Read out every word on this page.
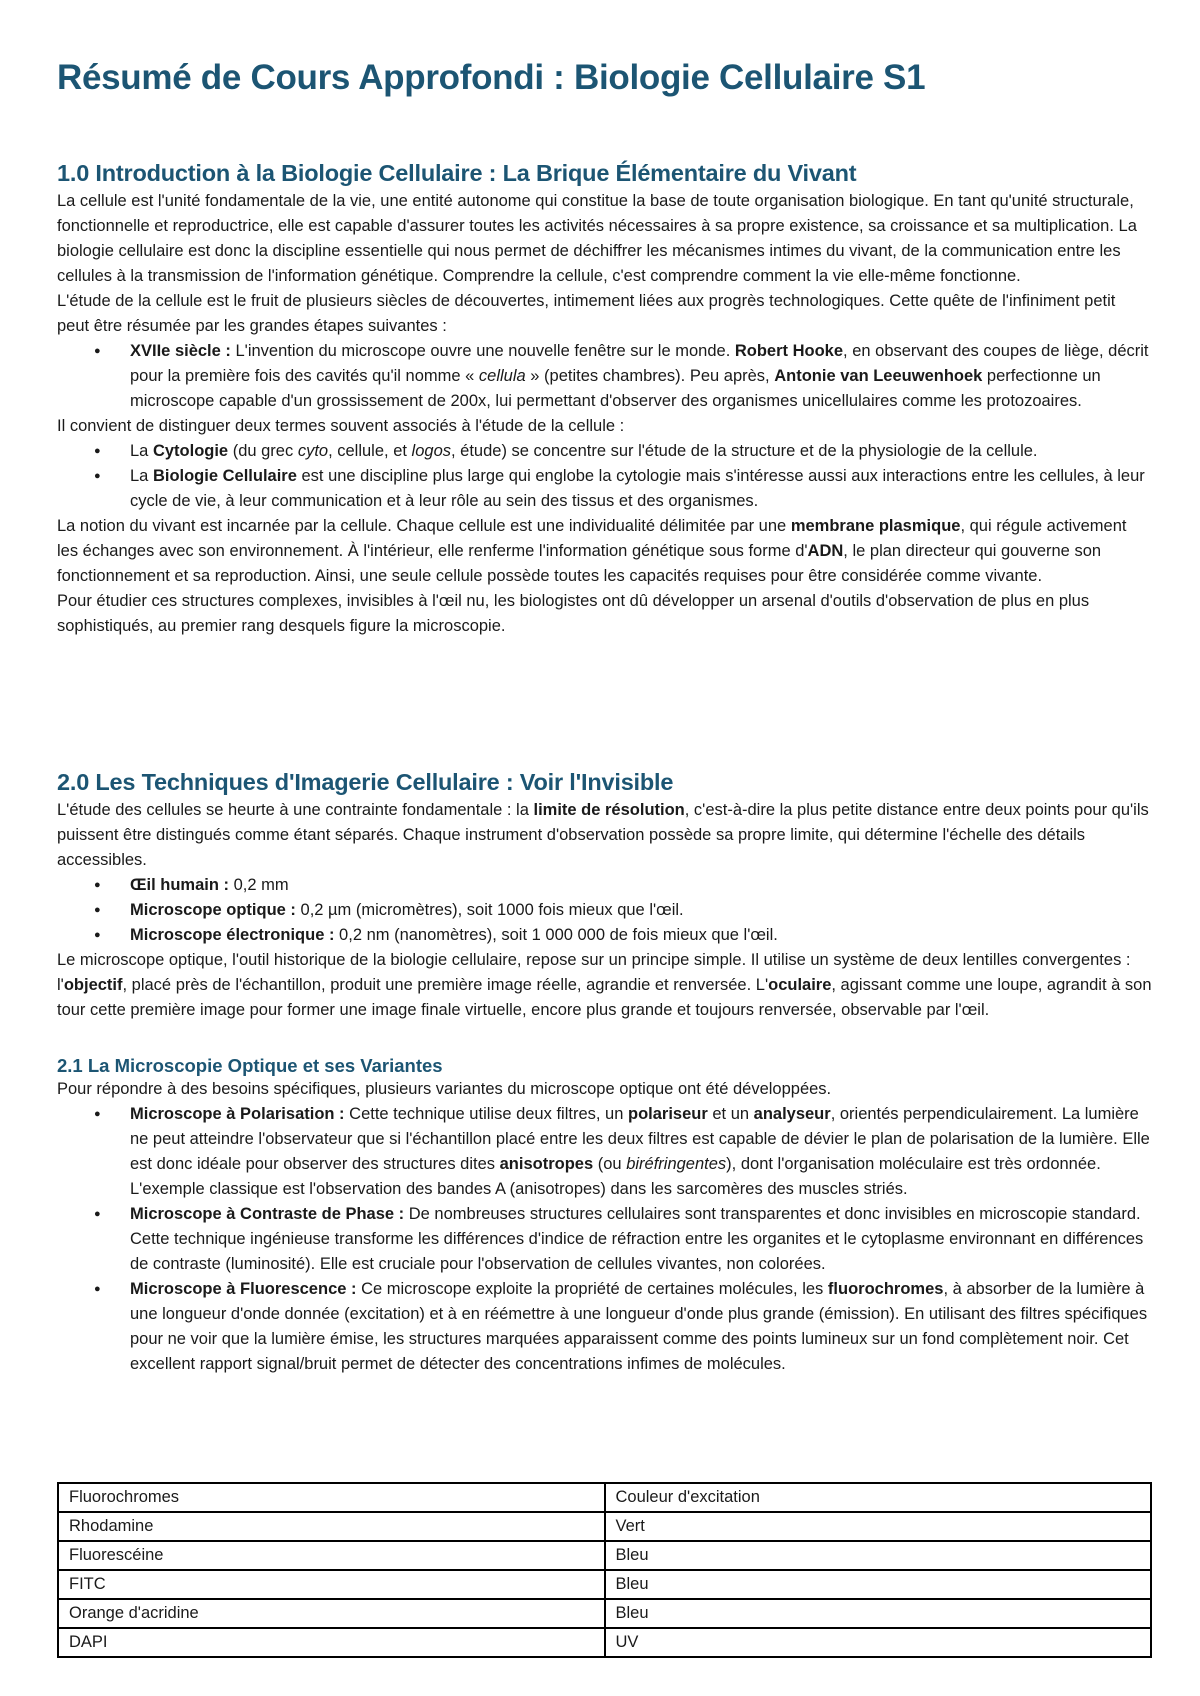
Résumé de Cours Approfondi : Biologie Cellulaire S1
1.0 Introduction à la Biologie Cellulaire : La Brique Élémentaire du Vivant

La cellule est l'unité fondamentale de la vie, une entité autonome qui constitue la base de toute organisation biologique. En tant qu'unité structurale, fonctionnelle et reproductrice, elle est capable d'assurer toutes les activités nécessaires à sa propre existence, sa croissance et sa multiplication. La biologie cellulaire est donc la discipline essentielle qui nous permet de déchiffrer les mécanismes intimes du vivant, de la communication entre les cellules à la transmission de l'information génétique. Comprendre la cellule, c'est comprendre comment la vie elle-même fonctionne.

L'étude de la cellule est le fruit de plusieurs siècles de découvertes, intimement liées aux progrès technologiques. Cette quête de l'infiniment petit peut être résumée par les grandes étapes suivantes :

● XVIIe siècle : L'invention du microscope ouvre une nouvelle fenêtre sur le monde. Robert Hooke, en observant des coupes de liège, décrit pour la première fois des cavités qu'il nomme « cellula » (petites chambres). Peu après, Antonie van Leeuwenhoek perfectionne un microscope capable d'un grossissement de 200x, lui permettant d'observer des organismes unicellulaires comme les protozoaires.

Il convient de distinguer deux termes souvent associés à l'étude de la cellule :

● La Cytologie (du grec cyto, cellule, et logos, étude) se concentre sur l'étude de la structure et de la physiologie de la cellule.
● La Biologie Cellulaire est une discipline plus large qui englobe la cytologie mais s'intéresse aussi aux interactions entre les cellules, à leur cycle de vie, à leur communication et à leur rôle au sein des tissus et des organismes.

La notion du vivant est incarnée par la cellule. Chaque cellule est une individualité délimitée par une membrane plasmique, qui régule activement les échanges avec son environnement. À l'intérieur, elle renferme l'information génétique sous forme d'ADN, le plan directeur qui gouverne son fonctionnement et sa reproduction. Ainsi, une seule cellule possède toutes les capacités requises pour être considérée comme vivante.

Pour étudier ces structures complexes, invisibles à l'œil nu, les biologistes ont dû développer un arsenal d'outils d'observation de plus en plus sophistiqués, au premier rang desquels figure la microscopie.

2.0 Les Techniques d'Imagerie Cellulaire : Voir l'Invisible

L'étude des cellules se heurte à une contrainte fondamentale : la limite de résolution, c'est-à-dire la plus petite distance entre deux points pour qu'ils puissent être distingués comme étant séparés. Chaque instrument d'observation possède sa propre limite, qui détermine l'échelle des détails accessibles.

● Œil humain : 0,2 mm
● Microscope optique : 0,2 µm (micromètres), soit 1000 fois mieux que l'œil.
● Microscope électronique : 0,2 nm (nanomètres), soit 1 000 000 de fois mieux que l'œil.

Le microscope optique, l'outil historique de la biologie cellulaire, repose sur un principe simple. Il utilise un système de deux lentilles convergentes : l'objectif, placé près de l'échantillon, produit une première image réelle, agrandie et renversée. L'oculaire, agissant comme une loupe, agrandit à son tour cette première image pour former une image finale virtuelle, encore plus grande et toujours renversée, observable par l'œil.

2.1 La Microscopie Optique et ses Variantes

Pour répondre à des besoins spécifiques, plusieurs variantes du microscope optique ont été développées.

● Microscope à Polarisation : Cette technique utilise deux filtres, un polariseur et un analyseur, orientés perpendiculairement. La lumière ne peut atteindre l'observateur que si l'échantillon placé entre les deux filtres est capable de dévier le plan de polarisation de la lumière. Elle est donc idéale pour observer des structures dites anisotropes (ou biréfringentes), dont l'organisation moléculaire est très ordonnée. L'exemple classique est l'observation des bandes A (anisotropes) dans les sarcomères des muscles striés.
● Microscope à Contraste de Phase : De nombreuses structures cellulaires sont transparentes et donc invisibles en microscopie standard. Cette technique ingénieuse transforme les différences d'indice de réfraction entre les organites et le cytoplasme environnant en différences de contraste (luminosité). Elle est cruciale pour l'observation de cellules vivantes, non colorées.
● Microscope à Fluorescence : Ce microscope exploite la propriété de certaines molécules, les fluorochromes, à absorber de la lumière à une longueur d'onde donnée (excitation) et à en réémettre à une longueur d'onde plus grande (émission). En utilisant des filtres spécifiques pour ne voir que la lumière émise, les structures marquées apparaissent comme des points lumineux sur un fond complètement noir. Cet excellent rapport signal/bruit permet de détecter des concentrations infimes de molécules.
Fluorochromes	Couleur d'excitation
Rhodamine	Vert
Fluorescéine	Bleu
FITC	Bleu
Orange d'acridine	Bleu
DAPI	UV
